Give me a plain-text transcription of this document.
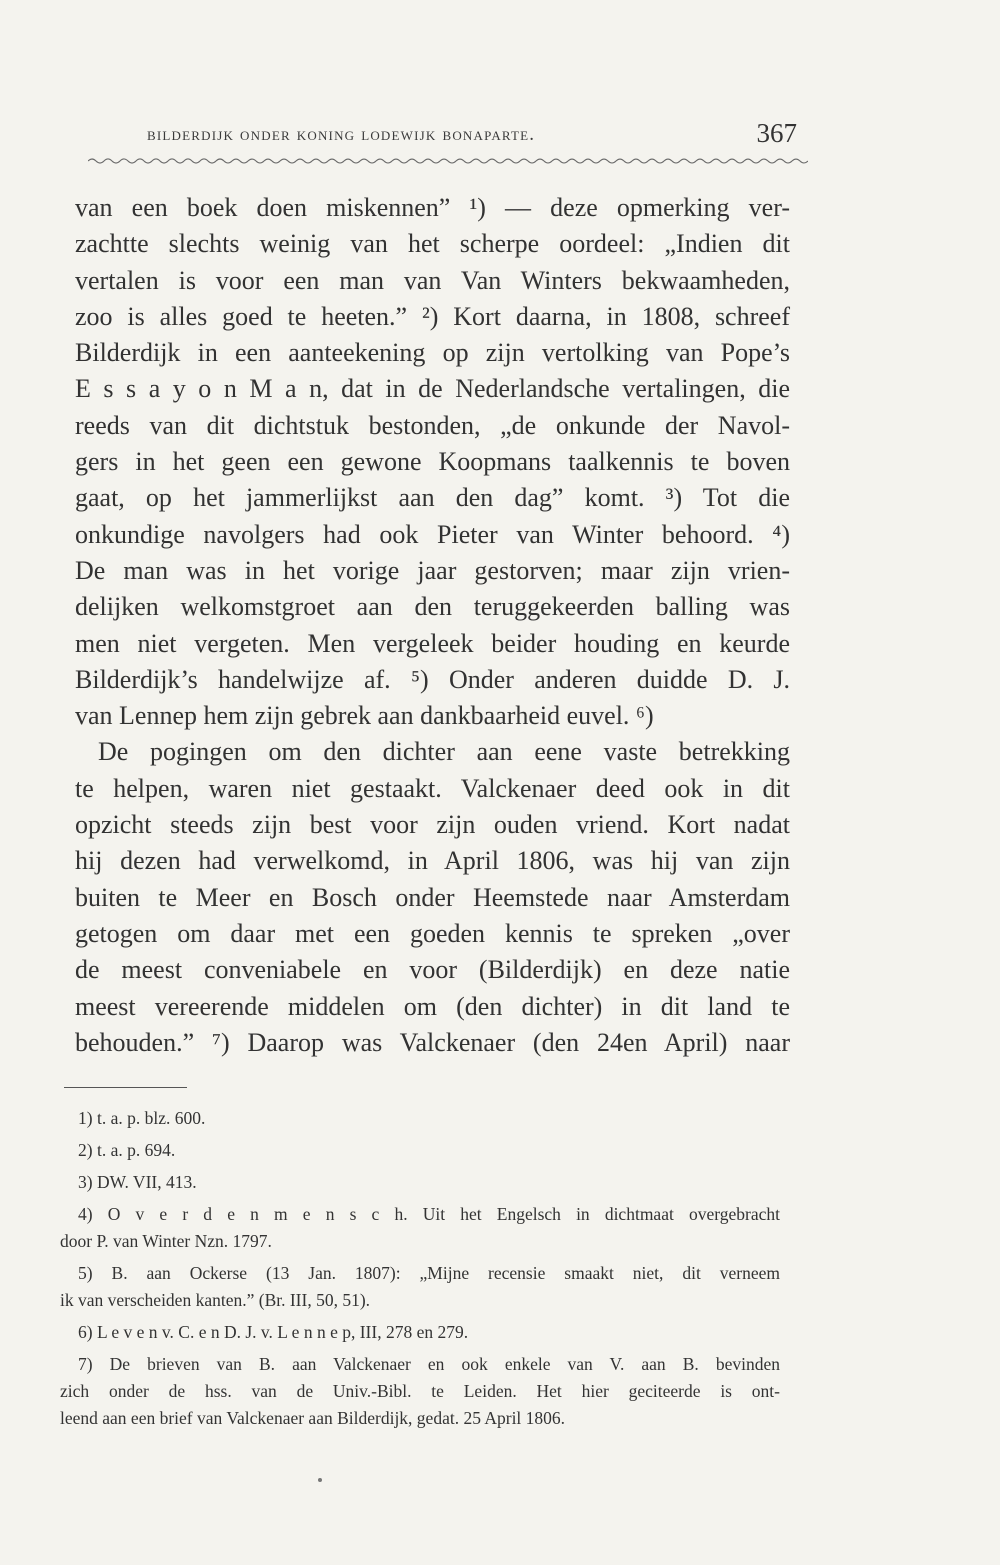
bilderdijk onder koning lodewijk bonaparte.	367
van een boek doen miskennen” ¹) — deze opmerking ver-
zachtte slechts weinig van het scherpe oordeel: „Indien dit
vertalen is voor een man van Van Winters bekwaamheden,
zoo is alles goed te heeten.” ²) Kort daarna, in 1808, schreef
Bilderdijk in een aanteekening op zijn vertolking van Pope’s
E s s a y o n M a n, dat in de Nederlandsche vertalingen, die
reeds van dit dichtstuk bestonden, „de onkunde der Navol-
gers in het geen een gewone Koopmans taalkennis te boven
gaat, op het jammerlijkst aan den dag” komt. ³) Tot die
onkundige navolgers had ook Pieter van Winter behoord. ⁴)
De man was in het vorige jaar gestorven; maar zijn vrien-
delijken welkomstgroet aan den teruggekeerden balling was
men niet vergeten. Men vergeleek beider houding en keurde
Bilderdijk’s handelwijze af. ⁵) Onder anderen duidde D. J.
van Lennep hem zijn gebrek aan dankbaarheid euvel. ⁶)
De pogingen om den dichter aan eene vaste betrekking
te helpen, waren niet gestaakt. Valckenaer deed ook in dit
opzicht steeds zijn best voor zijn ouden vriend. Kort nadat
hij dezen had verwelkomd, in April 1806, was hij van zijn
buiten te Meer en Bosch onder Heemstede naar Amsterdam
getogen om daar met een goeden kennis te spreken „over
de meest conveniabele en voor (Bilderdijk) en deze natie
meest vereerende middelen om (den dichter) in dit land te
behouden.” ⁷) Daarop was Valckenaer (den 24en April) naar
1) t. a. p. blz. 600.
2) t. a. p. 694.
3) DW. VII, 413.
4) O v e r d e n m e n s c h. Uit het Engelsch in dichtmaat overgebracht
door P. van Winter Nzn. 1797.
5) B. aan Ockerse (13 Jan. 1807): „Mijne recensie smaakt niet, dit verneem
ik van verscheiden kanten.” (Br. III, 50, 51).
6) L e v e n v. C. e n D. J. v. L e n n e p, III, 278 en 279.
7) De brieven van B. aan Valckenaer en ook enkele van V. aan B. bevinden
zich onder de hss. van de Univ.-Bibl. te Leiden. Het hier geciteerde is ont-
leend aan een brief van Valckenaer aan Bilderdijk, gedat. 25 April 1806.
